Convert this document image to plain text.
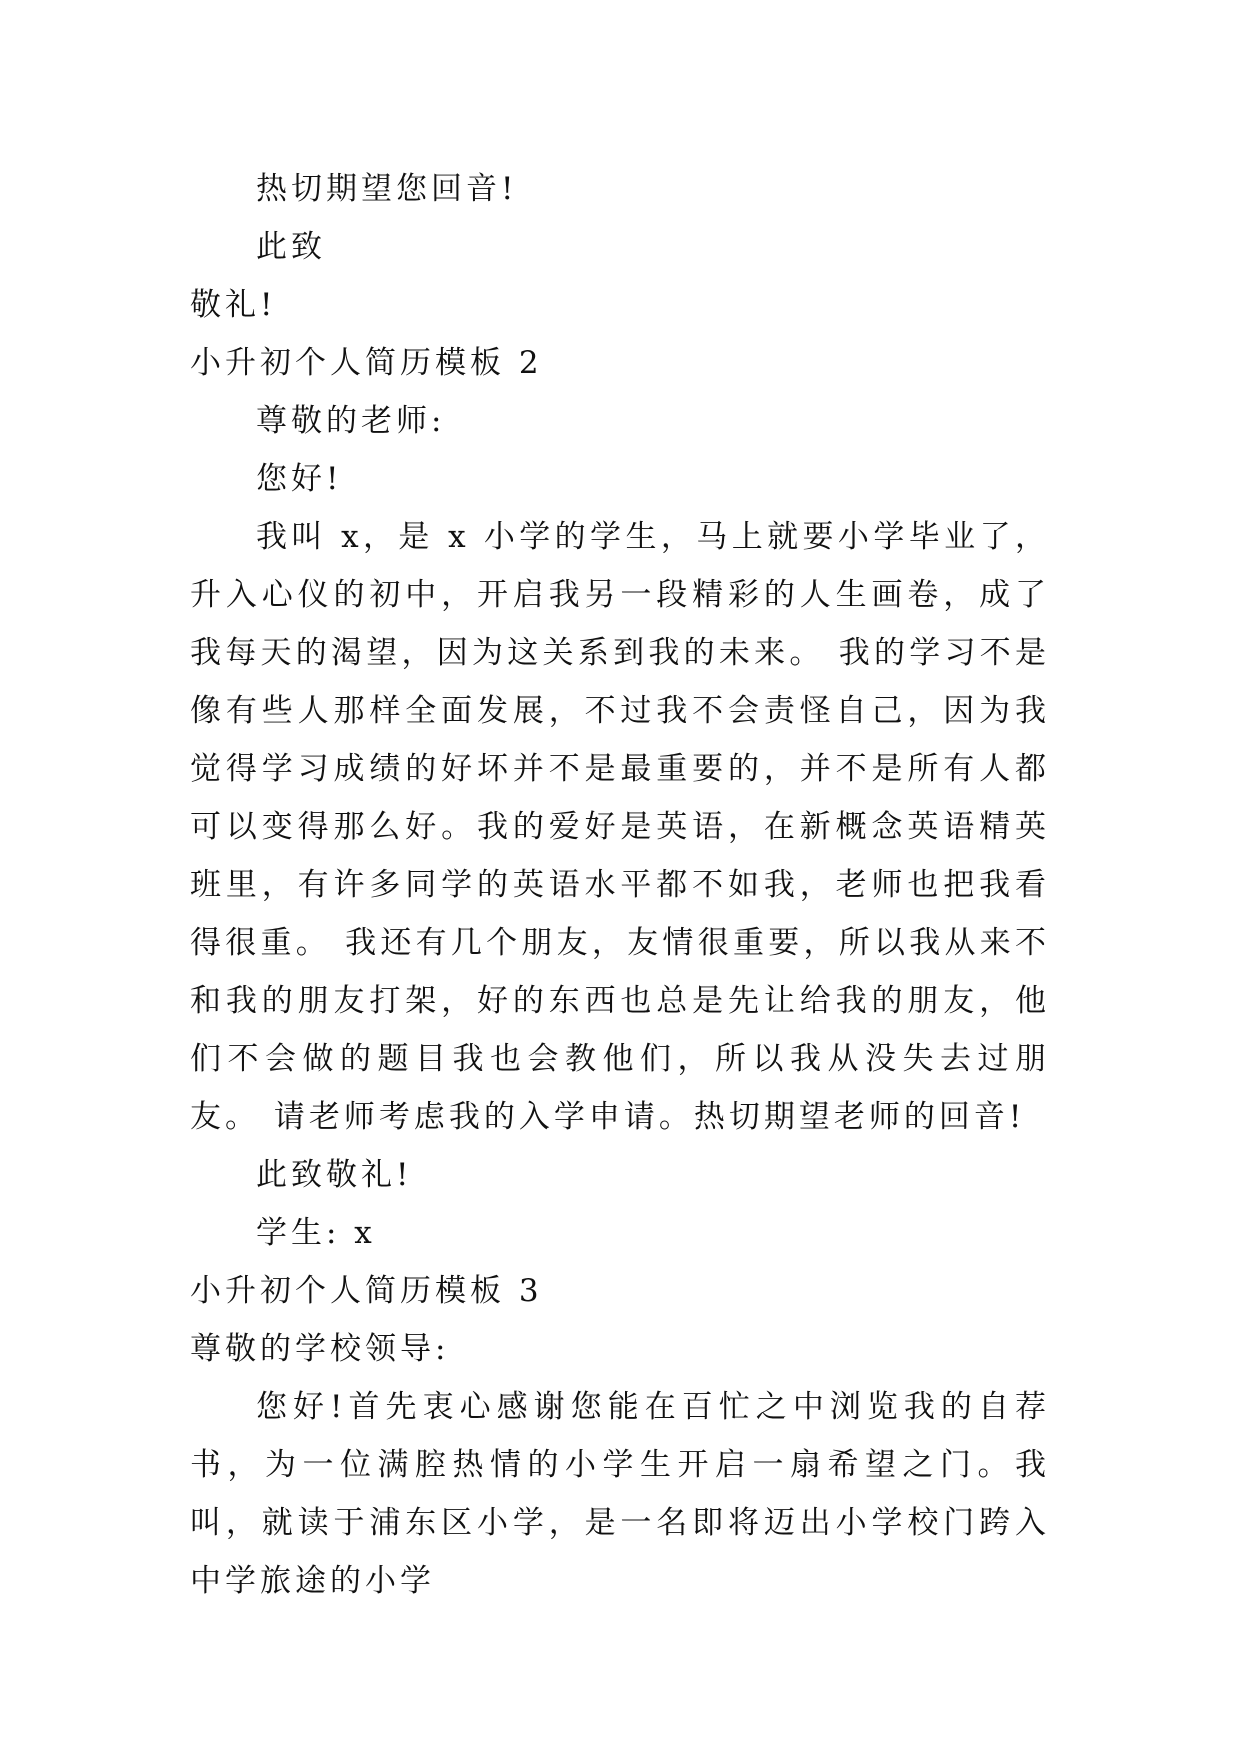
热切期望您回音!
此致
敬礼!
小升初个人简历模板 2
尊敬的老师:
您好!
我叫 x，是 x 小学的学生，马上就要小学毕业了，升入心仪的初中，开启我另一段精彩的人生画卷，成了我每天的渴望，因为这关系到我的未来。 我的学习不是像有些人那样全面发展，不过我不会责怪自己，因为我觉得学习成绩的好坏并不是最重要的，并不是所有人都可以变得那么好。我的爱好是英语，在新概念英语精英班里，有许多同学的英语水平都不如我，老师也把我看得很重。 我还有几个朋友，友情很重要，所以我从来不和我的朋友打架，好的东西也总是先让给我的朋友，他们不会做的题目我也会教他们，所以我从没失去过朋友。 请老师考虑我的入学申请。热切期望老师的回音!
此致敬礼!
学生: x
小升初个人简历模板 3
尊敬的学校领导:
您好!首先衷心感谢您能在百忙之中浏览我的自荐书，为一位满腔热情的小学生开启一扇希望之门。我叫，就读于浦东区小学，是一名即将迈出小学校门跨入中学旅途的小学
